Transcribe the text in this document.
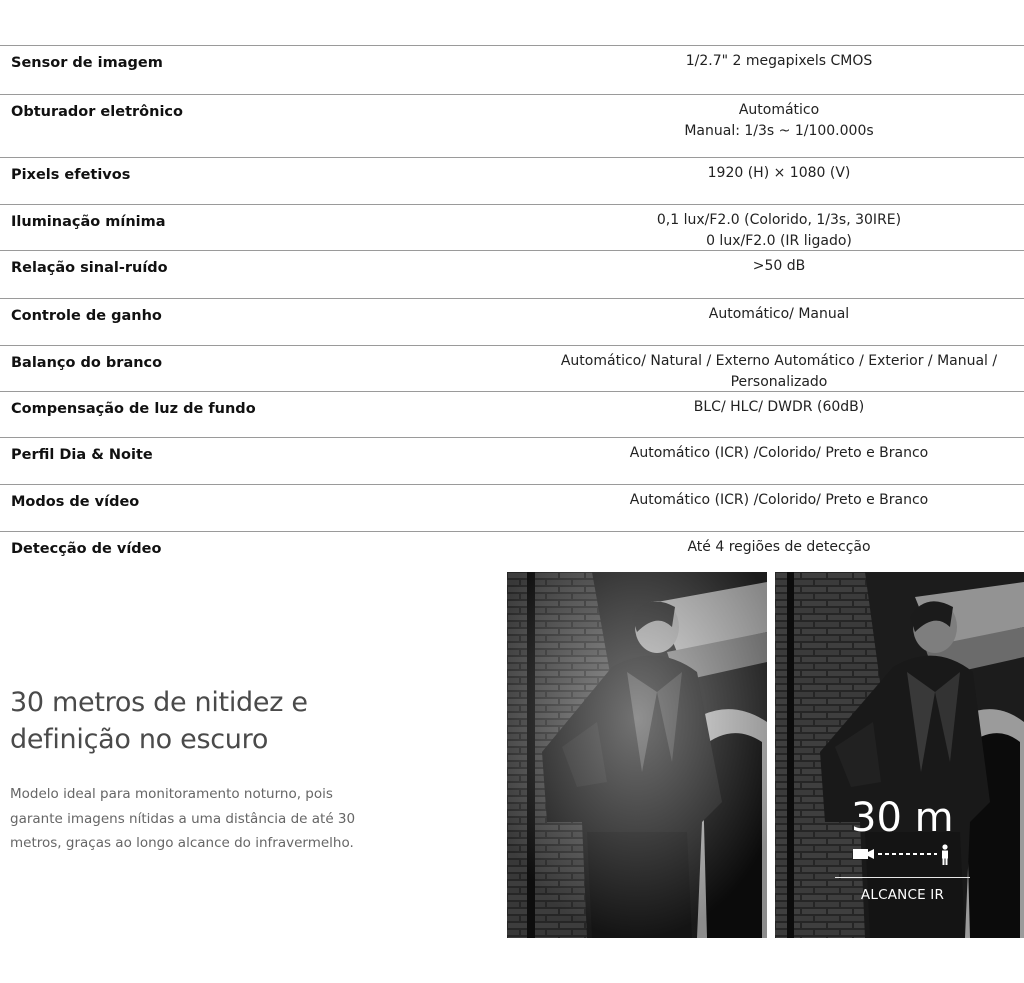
Sensor de imagem	1/2.7" 2 megapixels CMOS
Obturador eletrônico	Automático
Manual: 1/3s ~ 1/100.000s
Pixels efetivos	1920 (H) × 1080 (V)
Iluminação mínima	0,1 lux/F2.0 (Colorido, 1/3s, 30IRE)
0 lux/F2.0 (IR ligado)
Relação sinal-ruído	>50 dB
Controle de ganho	Automático/ Manual
Balanço do branco	Automático/ Natural / Externo Automático / Exterior / Manual /
Personalizado
Compensação de luz de fundo	BLC/ HLC/ DWDR (60dB)
Perfil Dia & Noite	Automático (ICR) /Colorido/ Preto e Branco
Modos de vídeo	Automático (ICR) /Colorido/ Preto e Branco
Detecção de vídeo	Até 4 regiões de detecção
30 metros de nitidez e
definição no escuro

Modelo ideal para monitoramento noturno, pois
garante imagens nítidas a uma distância de até 30
metros, graças ao longo alcance do infravermelho.

30 m
ALCANCE IR
